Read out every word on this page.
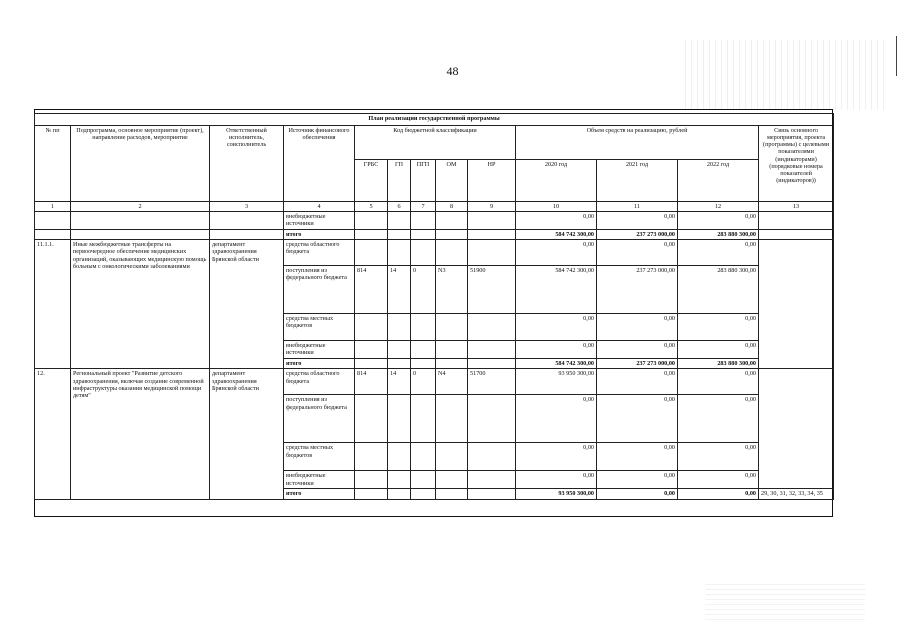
48
План реализации государственной программы												
№ пп	Подпрограмма, основное мероприятие (проект), направление расходов, мероприятие	Ответственный исполнитель, соисполнитель	Источник финансового обеспечения	Код бюджетной классификации					Объем средств на реализацию, рублей			Связь основного мероприятия, проекта (программы) с целевыми показателями (индикаторами) (порядковые номера показателей (индикаторов))
				ГРБС	ГП	ПГП	ОМ	НР	2020 год	2021 год	2022 год	
1	2	3	4	5	6	7	8	9	10	11	12	13
			внебюджетные источники						0,00	0,00	0,00	
			итого						584 742 300,00	237 273 000,00	283 880 300,00	
11.1.1.	Иные межбюджетные трансферты на первоочередное обеспечение медицинских организаций, оказывающих медицинскую помощь больным с онкологическими заболеваниями	департамент здравоохранения Брянской области	средства областного бюджета						0,00	0,00	0,00	
			поступления из федерального бюджета	814	14	0	N3	51900	584 742 300,00	237 273 000,00	283 880 300,00	
			средства местных бюджетов						0,00	0,00	0,00	
			внебюджетные источники						0,00	0,00	0,00	
			итого						584 742 300,00	237 273 000,00	283 880 300,00	
12.	Региональный проект "Развитие детского здравоохранения, включая создание современной инфраструктуры оказания медицинской помощи детям"	департамент здравоохранения Брянской области	средства областного бюджета	814	14	0	N4	51700	93 950 300,00	0,00	0,00	
			поступления из федерального бюджета						0,00	0,00	0,00	
			средства местных бюджетов						0,00	0,00	0,00	
			внебюджетные источники						0,00	0,00	0,00	
			итого						93 950 300,00	0,00	0,00	29, 30, 31, 32, 33, 34, 35
